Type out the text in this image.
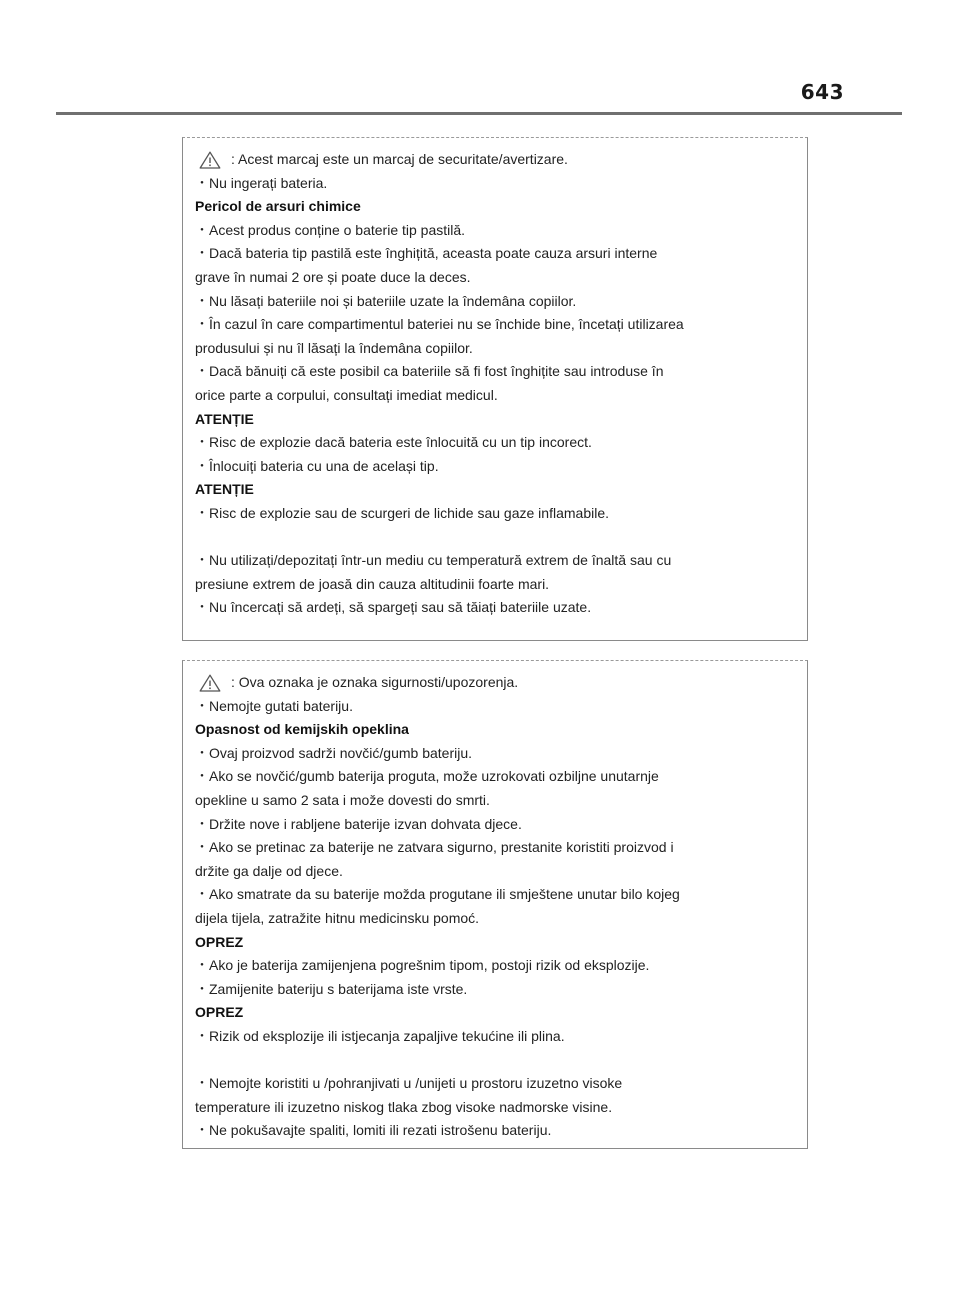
643
: Acest marcaj este un marcaj de securitate/avertizare.
・Nu ingerați bateria.
Pericol de arsuri chimice
・Acest produs conține o baterie tip pastilă.
・Dacă bateria tip pastilă este înghițită, aceasta poate cauza arsuri interne
grave în numai 2 ore și poate duce la deces.
・Nu lăsați bateriile noi și bateriile uzate la îndemâna copiilor.
・În cazul în care compartimentul bateriei nu se închide bine, încetați utilizarea
produsului și nu îl lăsați la îndemâna copiilor.
・Dacă bănuiți că este posibil ca bateriile să fi fost înghițite sau introduse în
orice parte a corpului, consultați imediat medicul.
ATENȚIE
・Risc de explozie dacă bateria este înlocuită cu un tip incorect.
・Înlocuiți bateria cu una de același tip.
ATENȚIE
・Risc de explozie sau de scurgeri de lichide sau gaze inflamabile.
・Nu utilizați/depozitați într-un mediu cu temperatură extrem de înaltă sau cu
presiune extrem de joasă din cauza altitudinii foarte mari.
・Nu încercați să ardeți, să spargeți sau să tăiați bateriile uzate.
: Ova oznaka je oznaka sigurnosti/upozorenja.
・Nemojte gutati bateriju.
Opasnost od kemijskih opeklina
・Ovaj proizvod sadrži novčić/gumb bateriju.
・Ako se novčić/gumb baterija proguta, može uzrokovati ozbiljne unutarnje
opekline u samo 2 sata i može dovesti do smrti.
・Držite nove i rabljene baterije izvan dohvata djece.
・Ako se pretinac za baterije ne zatvara sigurno, prestanite koristiti proizvod i
držite ga dalje od djece.
・Ako smatrate da su baterije možda progutane ili smještene unutar bilo kojeg
dijela tijela, zatražite hitnu medicinsku pomoć.
OPREZ
・Ako je baterija zamijenjena pogrešnim tipom, postoji rizik od eksplozije.
・Zamijenite bateriju s baterijama iste vrste.
OPREZ
・Rizik od eksplozije ili istjecanja zapaljive tekućine ili plina.
・Nemojte koristiti u /pohranjivati u /unijeti u prostoru izuzetno visoke
temperature ili izuzetno niskog tlaka zbog visoke nadmorske visine.
・Ne pokušavajte spaliti, lomiti ili rezati istrošenu bateriju.
